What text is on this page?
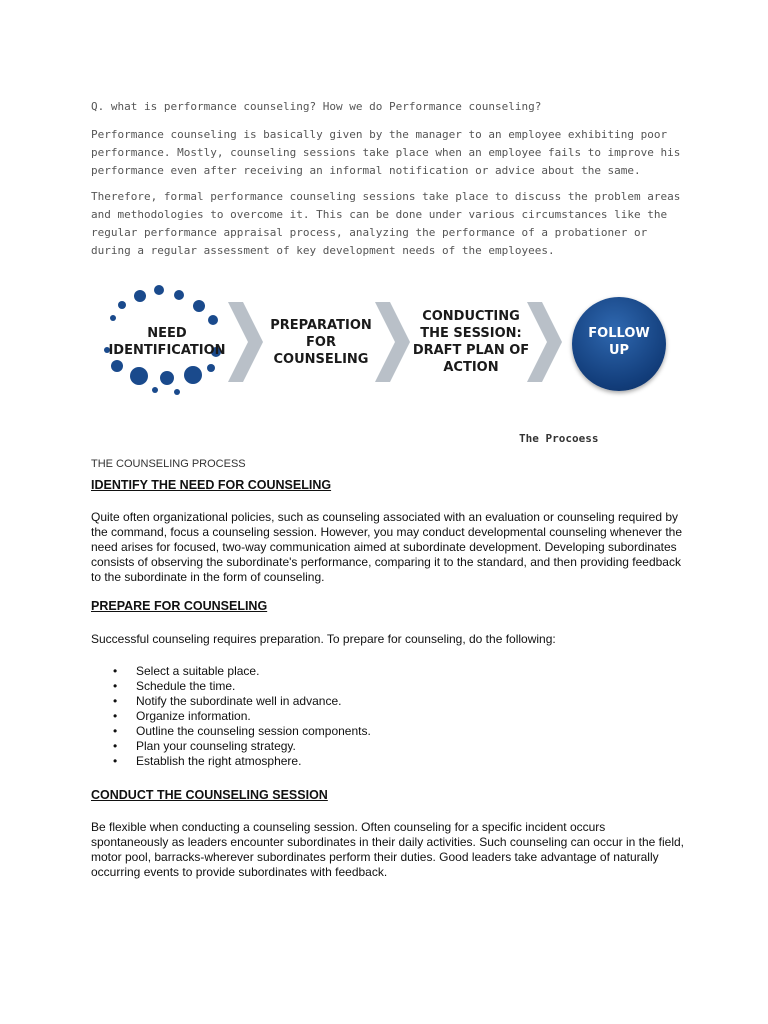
Q. what is performance counseling? How we do Performance counseling?
Performance counseling is basically given by the manager to an employee exhibiting poor performance. Mostly, counseling sessions take place when an employee fails to improve his performance even after receiving an informal notification or advice about the same.
Therefore, formal performance counseling sessions take place to discuss the problem areas and methodologies to overcome it. This can be done under various circumstances like the regular performance appraisal process, analyzing the performance of a probationer or during a regular assessment of key development needs of the employees.
NEED
IDENTIFICATION
PREPARATION
FOR
COUNSELING
CONDUCTING
THE SESSION:
DRAFT PLAN OF
ACTION
FOLLOW
UP
The Procoess
THE COUNSELING PROCESS
IDENTIFY THE NEED FOR COUNSELING
Quite often organizational policies, such as counseling associated with an evaluation or counseling required by the command, focus a counseling session. However, you may conduct developmental counseling whenever the need arises for focused, two-way communication aimed at subordinate development. Developing subordinates consists of observing the subordinate's performance, comparing it to the standard, and then providing feedback to the subordinate in the form of counseling.
PREPARE FOR COUNSELING
Successful counseling requires preparation. To prepare for counseling, do the following:
• Select a suitable place.
• Schedule the time.
• Notify the subordinate well in advance.
• Organize information.
• Outline the counseling session components.
• Plan your counseling strategy.
• Establish the right atmosphere.
CONDUCT THE COUNSELING SESSION
Be flexible when conducting a counseling session. Often counseling for a specific incident occurs spontaneously as leaders encounter subordinates in their daily activities. Such counseling can occur in the field, motor pool, barracks-wherever subordinates perform their duties. Good leaders take advantage of naturally occurring events to provide subordinates with feedback.
